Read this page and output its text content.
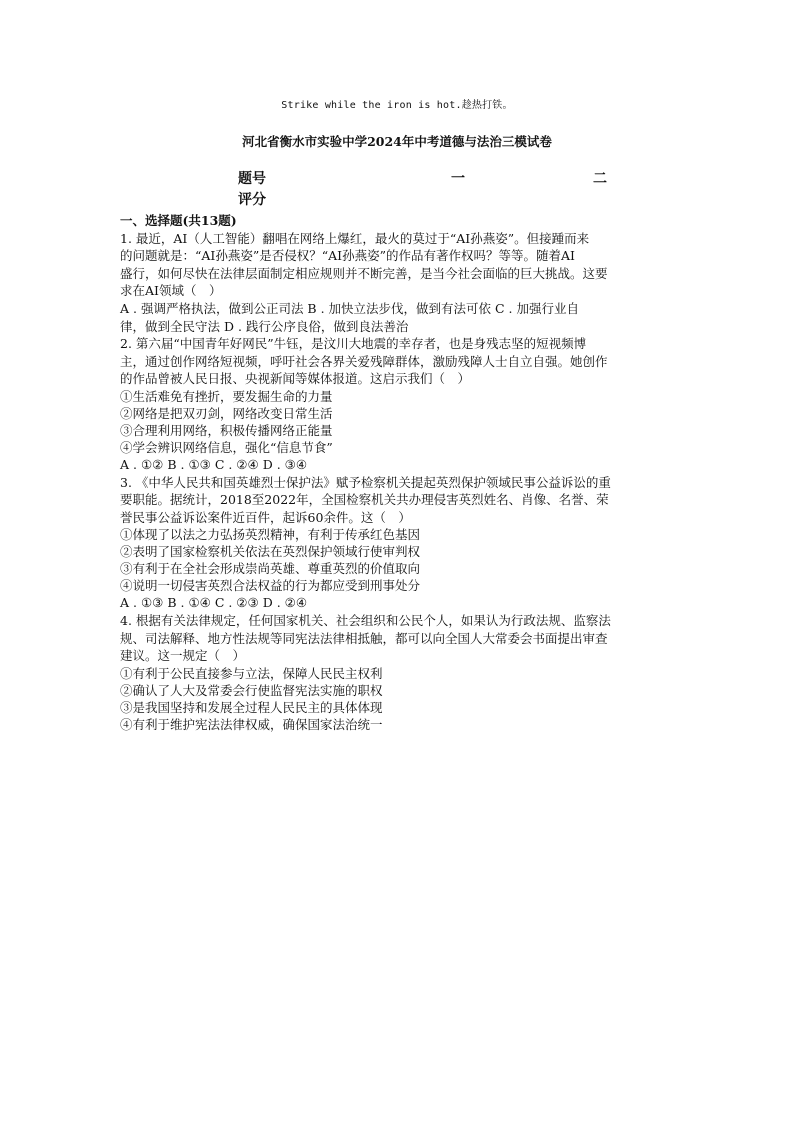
Strike while the iron is hot.趁热打铁。
河北省衡水市实验中学2024年中考道德与法治三模试卷
题号	一	二
评分
一、选择题(共13题)

1. 最近，AI（人工智能）翻唱在网络上爆红，最火的莫过于“AI孙燕姿”。但接踵而来

的问题就是：“AI孙燕姿”是否侵权？“AI孙燕姿”的作品有著作权吗？等等。随着AI

盛行，如何尽快在法律层面制定相应规则并不断完善，是当今社会面临的巨大挑战。这要

求在AI领域（　）

A . 强调严格执法，做到公正司法 B . 加快立法步伐，做到有法可依 C . 加强行业自

律，做到全民守法 D . 践行公序良俗，做到良法善治

2. 第六届“中国青年好网民”牛钰，是汶川大地震的幸存者，也是身残志坚的短视频博

主，通过创作网络短视频，呼吁社会各界关爱残障群体，激励残障人士自立自强。她创作

的作品曾被人民日报、央视新闻等媒体报道。这启示我们（　）

①生活难免有挫折，要发掘生命的力量

②网络是把双刃剑，网络改变日常生活

③合理利用网络，积极传播网络正能量

④学会辨识网络信息，强化“信息节食”

A . ①② B . ①③ C . ②④ D . ③④

3. 《中华人民共和国英雄烈士保护法》赋予检察机关提起英烈保护领域民事公益诉讼的重

要职能。据统计，2018至2022年，全国检察机关共办理侵害英烈姓名、肖像、名誉、荣

誉民事公益诉讼案件近百件，起诉60余件。这（　）

①体现了以法之力弘扬英烈精神，有利于传承红色基因

②表明了国家检察机关依法在英烈保护领域行使审判权

③有利于在全社会形成崇尚英雄、尊重英烈的价值取向

④说明一切侵害英烈合法权益的行为都应受到刑事处分

A . ①③ B . ①④ C . ②③ D . ②④

4. 根据有关法律规定，任何国家机关、社会组织和公民个人，如果认为行政法规、监察法

规、司法解释、地方性法规等同宪法法律相抵触，都可以向全国人大常委会书面提出审查

建议。这一规定（　）

①有利于公民直接参与立法，保障人民民主权利

②确认了人大及常委会行使监督宪法实施的职权

③是我国坚持和发展全过程人民民主的具体体现

④有利于维护宪法法律权威，确保国家法治统一
